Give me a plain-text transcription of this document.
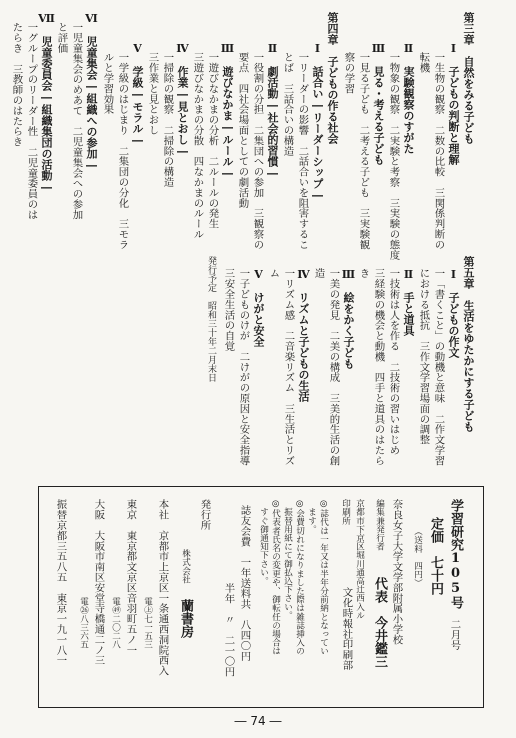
第三章　自然をみる子ども
Ⅰ　子どもの判断と理解
一生物の観察　二数の比較　三関係判断の
転機
Ⅱ　実験観察のすがた
一物象の観察　二実験と考察　三実験の態度
Ⅲ　見る・考える子ども
一見る子ども　二考える子ども　三実験観
察の学習
第四章　子どもの作る社会
Ⅰ　話合い―リーダーシップ―
一リーダーの影響　二話合いを阻害するこ
とば　三話合いの構造
Ⅱ　劇活動―社会的習慣―
一役割の分担　二集団への参加　三観察の
要点　四社会場面としての劇活動
Ⅲ　遊びなかま―ルール―
一遊びなかまの分析　二ルールの発生
三遊びなかまの分散　四なかまのルール
Ⅳ　作業―見とおし―
一掃除の観察　二掃除の構造
三作業と見とおし
Ⅴ　学級―モラル―
一学級のはじまり　二集団の分化　三モラ
ルと学習効果
Ⅵ　児童集会―組織への参加―
一児童集会のめあて　二児童集会への参加
と評価
Ⅶ　児童委員会―組織集団の活動―
一グループのリーダー性　二児童委員のは
たらき　三教師のはたらき
第五章　生活をゆたかにする子ども
Ⅰ　子どもの作文
一「書くこと」の動機と意味　二作文学習
における抵抗　三作文学習場面の調整
Ⅱ　手と道具
一技術は人を作る　二技術の習いはじめ
三経験の機会と動機　四手と道具のはたら
き
Ⅲ　絵をかく子ども
一美の発見　二美の構成　三美的生活の創
造
Ⅳ　リズムと子どもの生活
一リズム感　二音楽リズム　三生活とリズ
ム
Ⅴ　けがと安全
一子どものけが　二けがの原因と安全指導
三安全生活の自覚
発行予定　昭和三十年二月末日
学習研究105号
二月号
定価　七十円
（送料　四円）
奈良女子大学文学部附属小学校
編集兼発行者
代表　今井鑑三
京都市下京区堀川通高辻西入ル
印刷所
文化時報社印刷部
◎誌代は一年又は半年分前納となってい
　ます。
◎会費切れになりました際は雑誌挿入の
　振替用紙にて御払込下さい。
◎代表者氏名の変更や、御転任の場合は
　すぐ御通知下さい。
誌友会費　一年送料共　八四〇円
半年　〃　二一〇円
発行所
株式会社
蘭書房
本社　京都市上京区一条通西洞院西入
電㊤七一五三
東京　東京都文京区音羽町五ノ一
電㊾二〇二八
大阪　大阪市南区安堂寺橋通二ノ三
電㉖八三六五
振替京都三五八五　東京一九一八一
― 74 ―
